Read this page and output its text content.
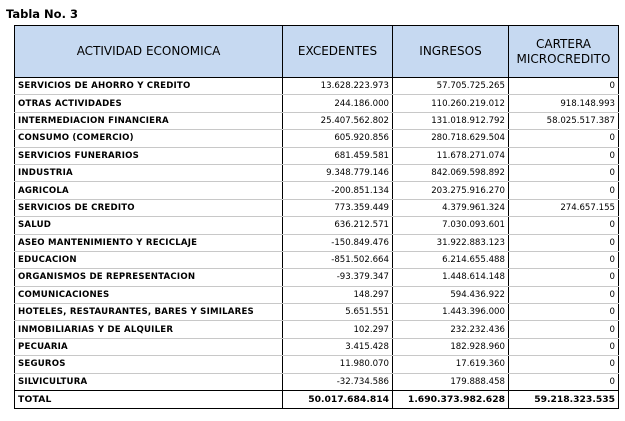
Tabla No. 3
ACTIVIDAD ECONOMICA	EXCEDENTES	INGRESOS	CARTERA
MICROCREDITO
SERVICIOS DE AHORRO Y CREDITO	13.628.223.973	57.705.725.265	0
OTRAS ACTIVIDADES	244.186.000	110.260.219.012	918.148.993
INTERMEDIACION FINANCIERA	25.407.562.802	131.018.912.792	58.025.517.387
CONSUMO (COMERCIO)	605.920.856	280.718.629.504	0
SERVICIOS FUNERARIOS	681.459.581	11.678.271.074	0
INDUSTRIA	9.348.779.146	842.069.598.892	0
AGRICOLA	-200.851.134	203.275.916.270	0
SERVICIOS DE CREDITO	773.359.449	4.379.961.324	274.657.155
SALUD	636.212.571	7.030.093.601	0
ASEO MANTENIMIENTO Y RECICLAJE	-150.849.476	31.922.883.123	0
EDUCACION	-851.502.664	6.214.655.488	0
ORGANISMOS DE REPRESENTACION	-93.379.347	1.448.614.148	0
COMUNICACIONES	148.297	594.436.922	0
HOTELES, RESTAURANTES, BARES Y SIMILARES	5.651.551	1.443.396.000	0
INMOBILIARIAS Y DE ALQUILER	102.297	232.232.436	0
PECUARIA	3.415.428	182.928.960	0
SEGUROS	11.980.070	17.619.360	0
SILVICULTURA	-32.734.586	179.888.458	0
TOTAL	50.017.684.814	1.690.373.982.628	59.218.323.535
